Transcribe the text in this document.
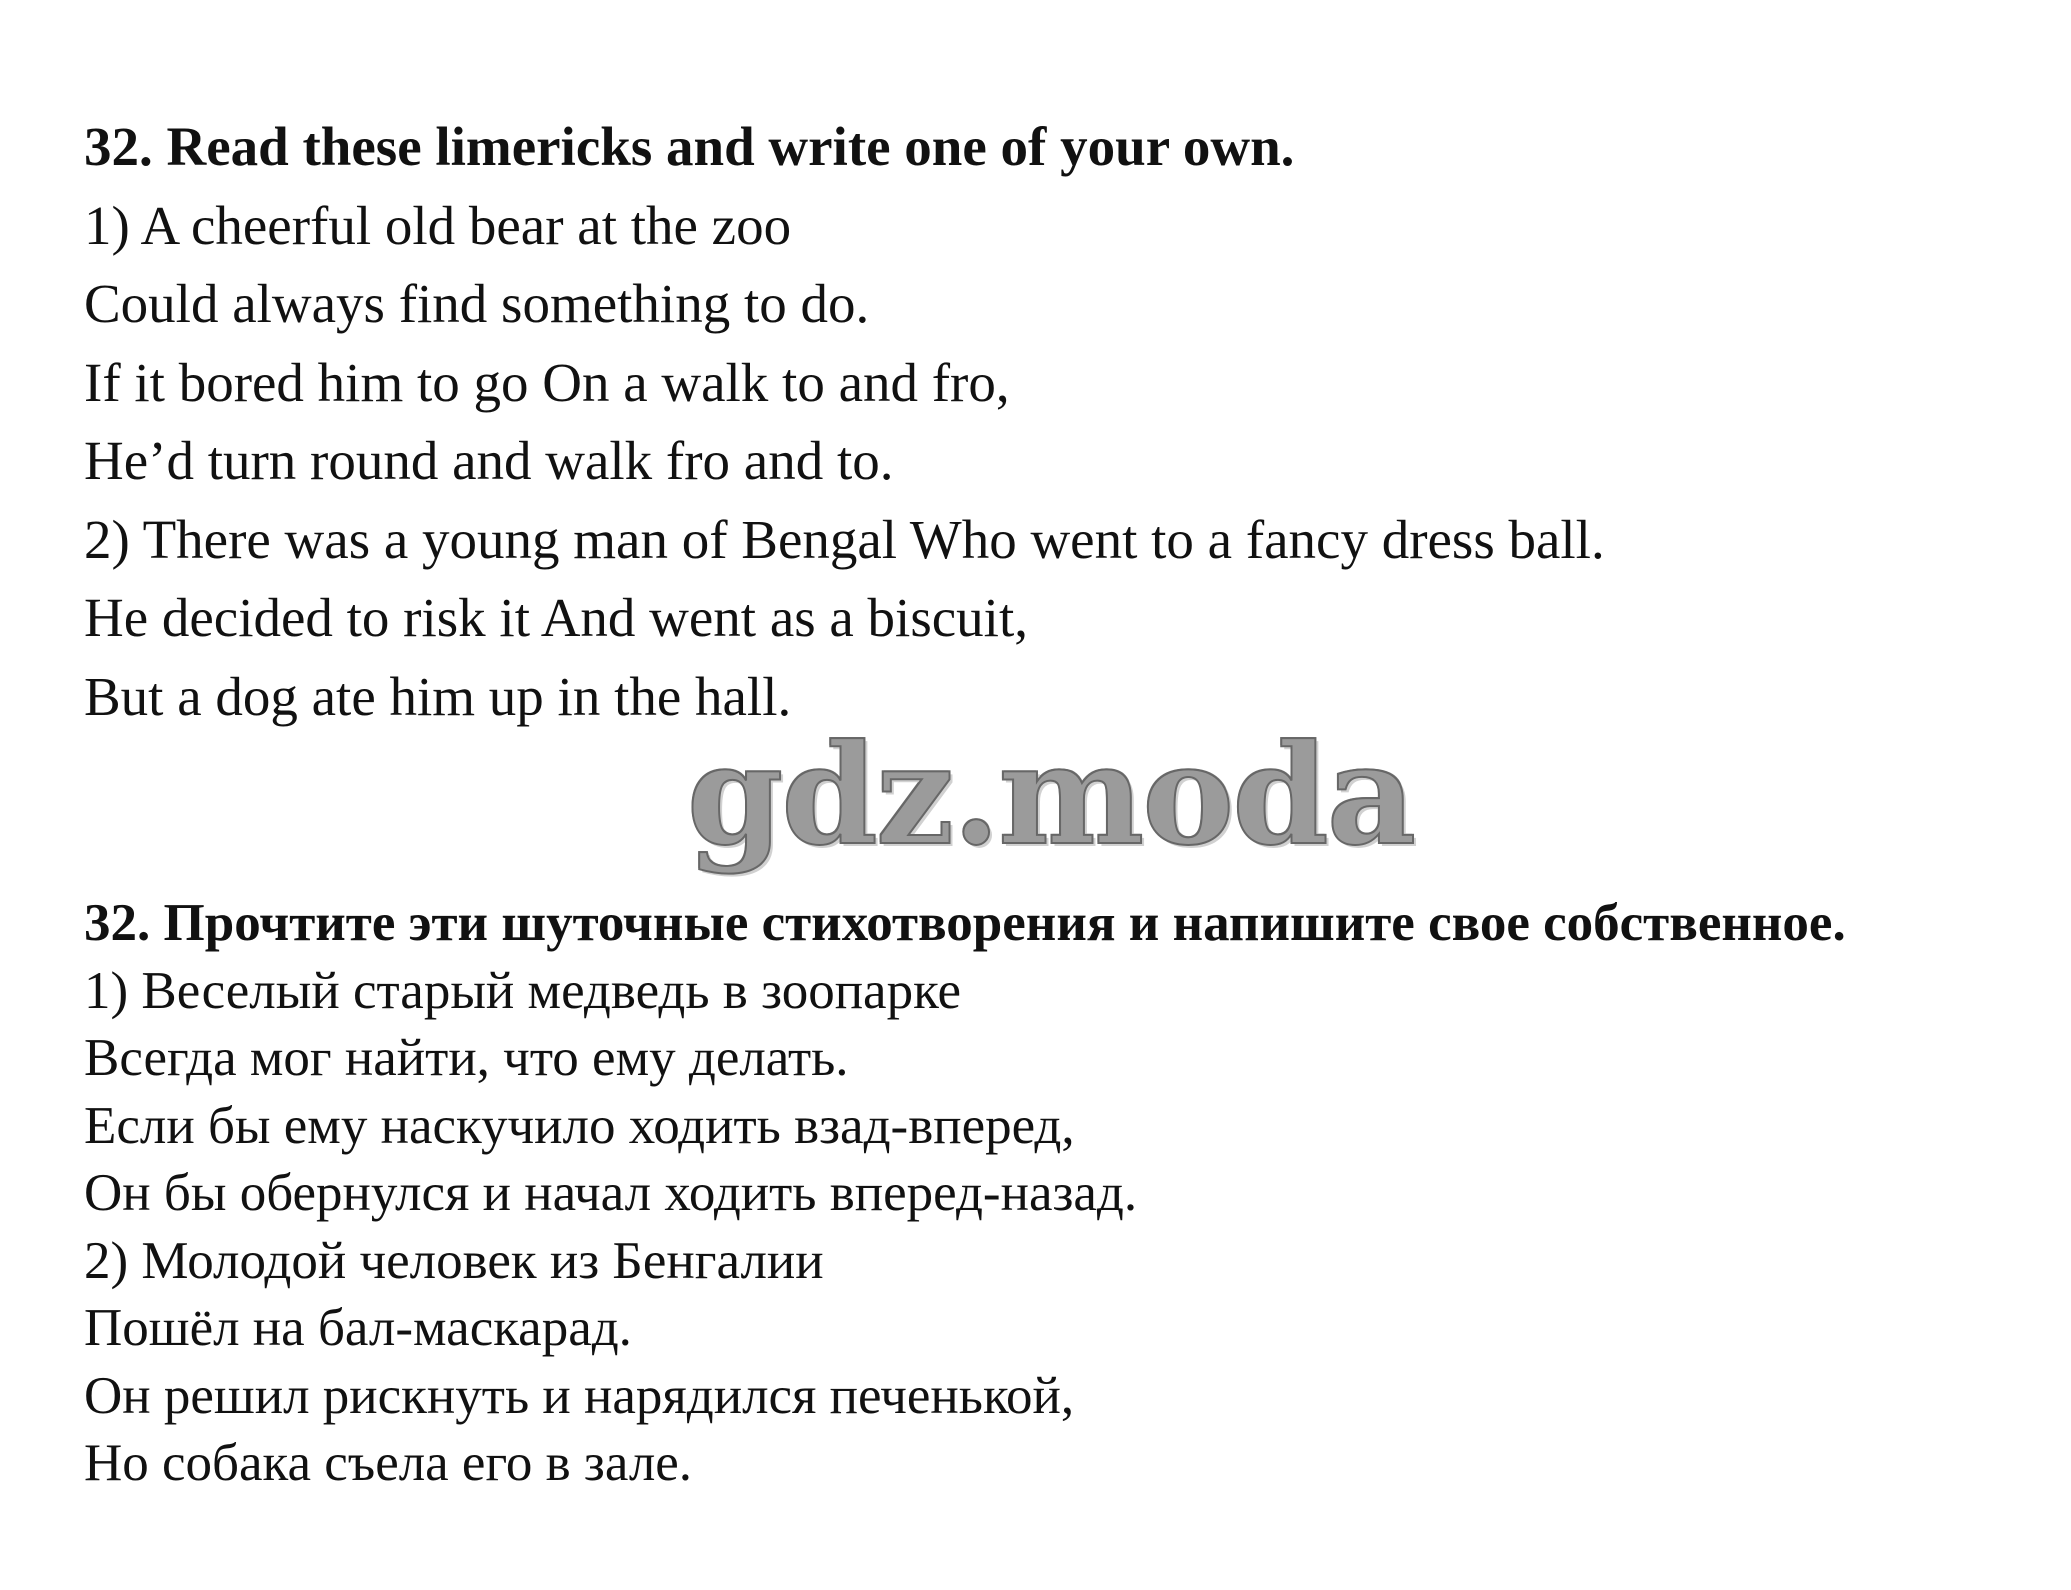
32. Read these limericks and write one of your own.
1) A cheerful old bear at the zoo
Could always find something to do.
If it bored him to go On a walk to and fro,
He’d turn round and walk fro and to.
2) There was a young man of Bengal Who went to a fancy dress ball.
He decided to risk it And went as a biscuit,
But a dog ate him up in the hall.
gdz.moda
32. Прочтите эти шуточные стихотворения и напишите свое собственное.
1) Веселый старый медведь в зоопарке
Всегда мог найти, что ему делать.
Если бы ему наскучило ходить взад-вперед,
Он бы обернулся и начал ходить вперед-назад.
2) Молодой человек из Бенгалии
Пошёл на бал-маскарад.
Он решил рискнуть и нарядился печенькой,
Но собака съела его в зале.
